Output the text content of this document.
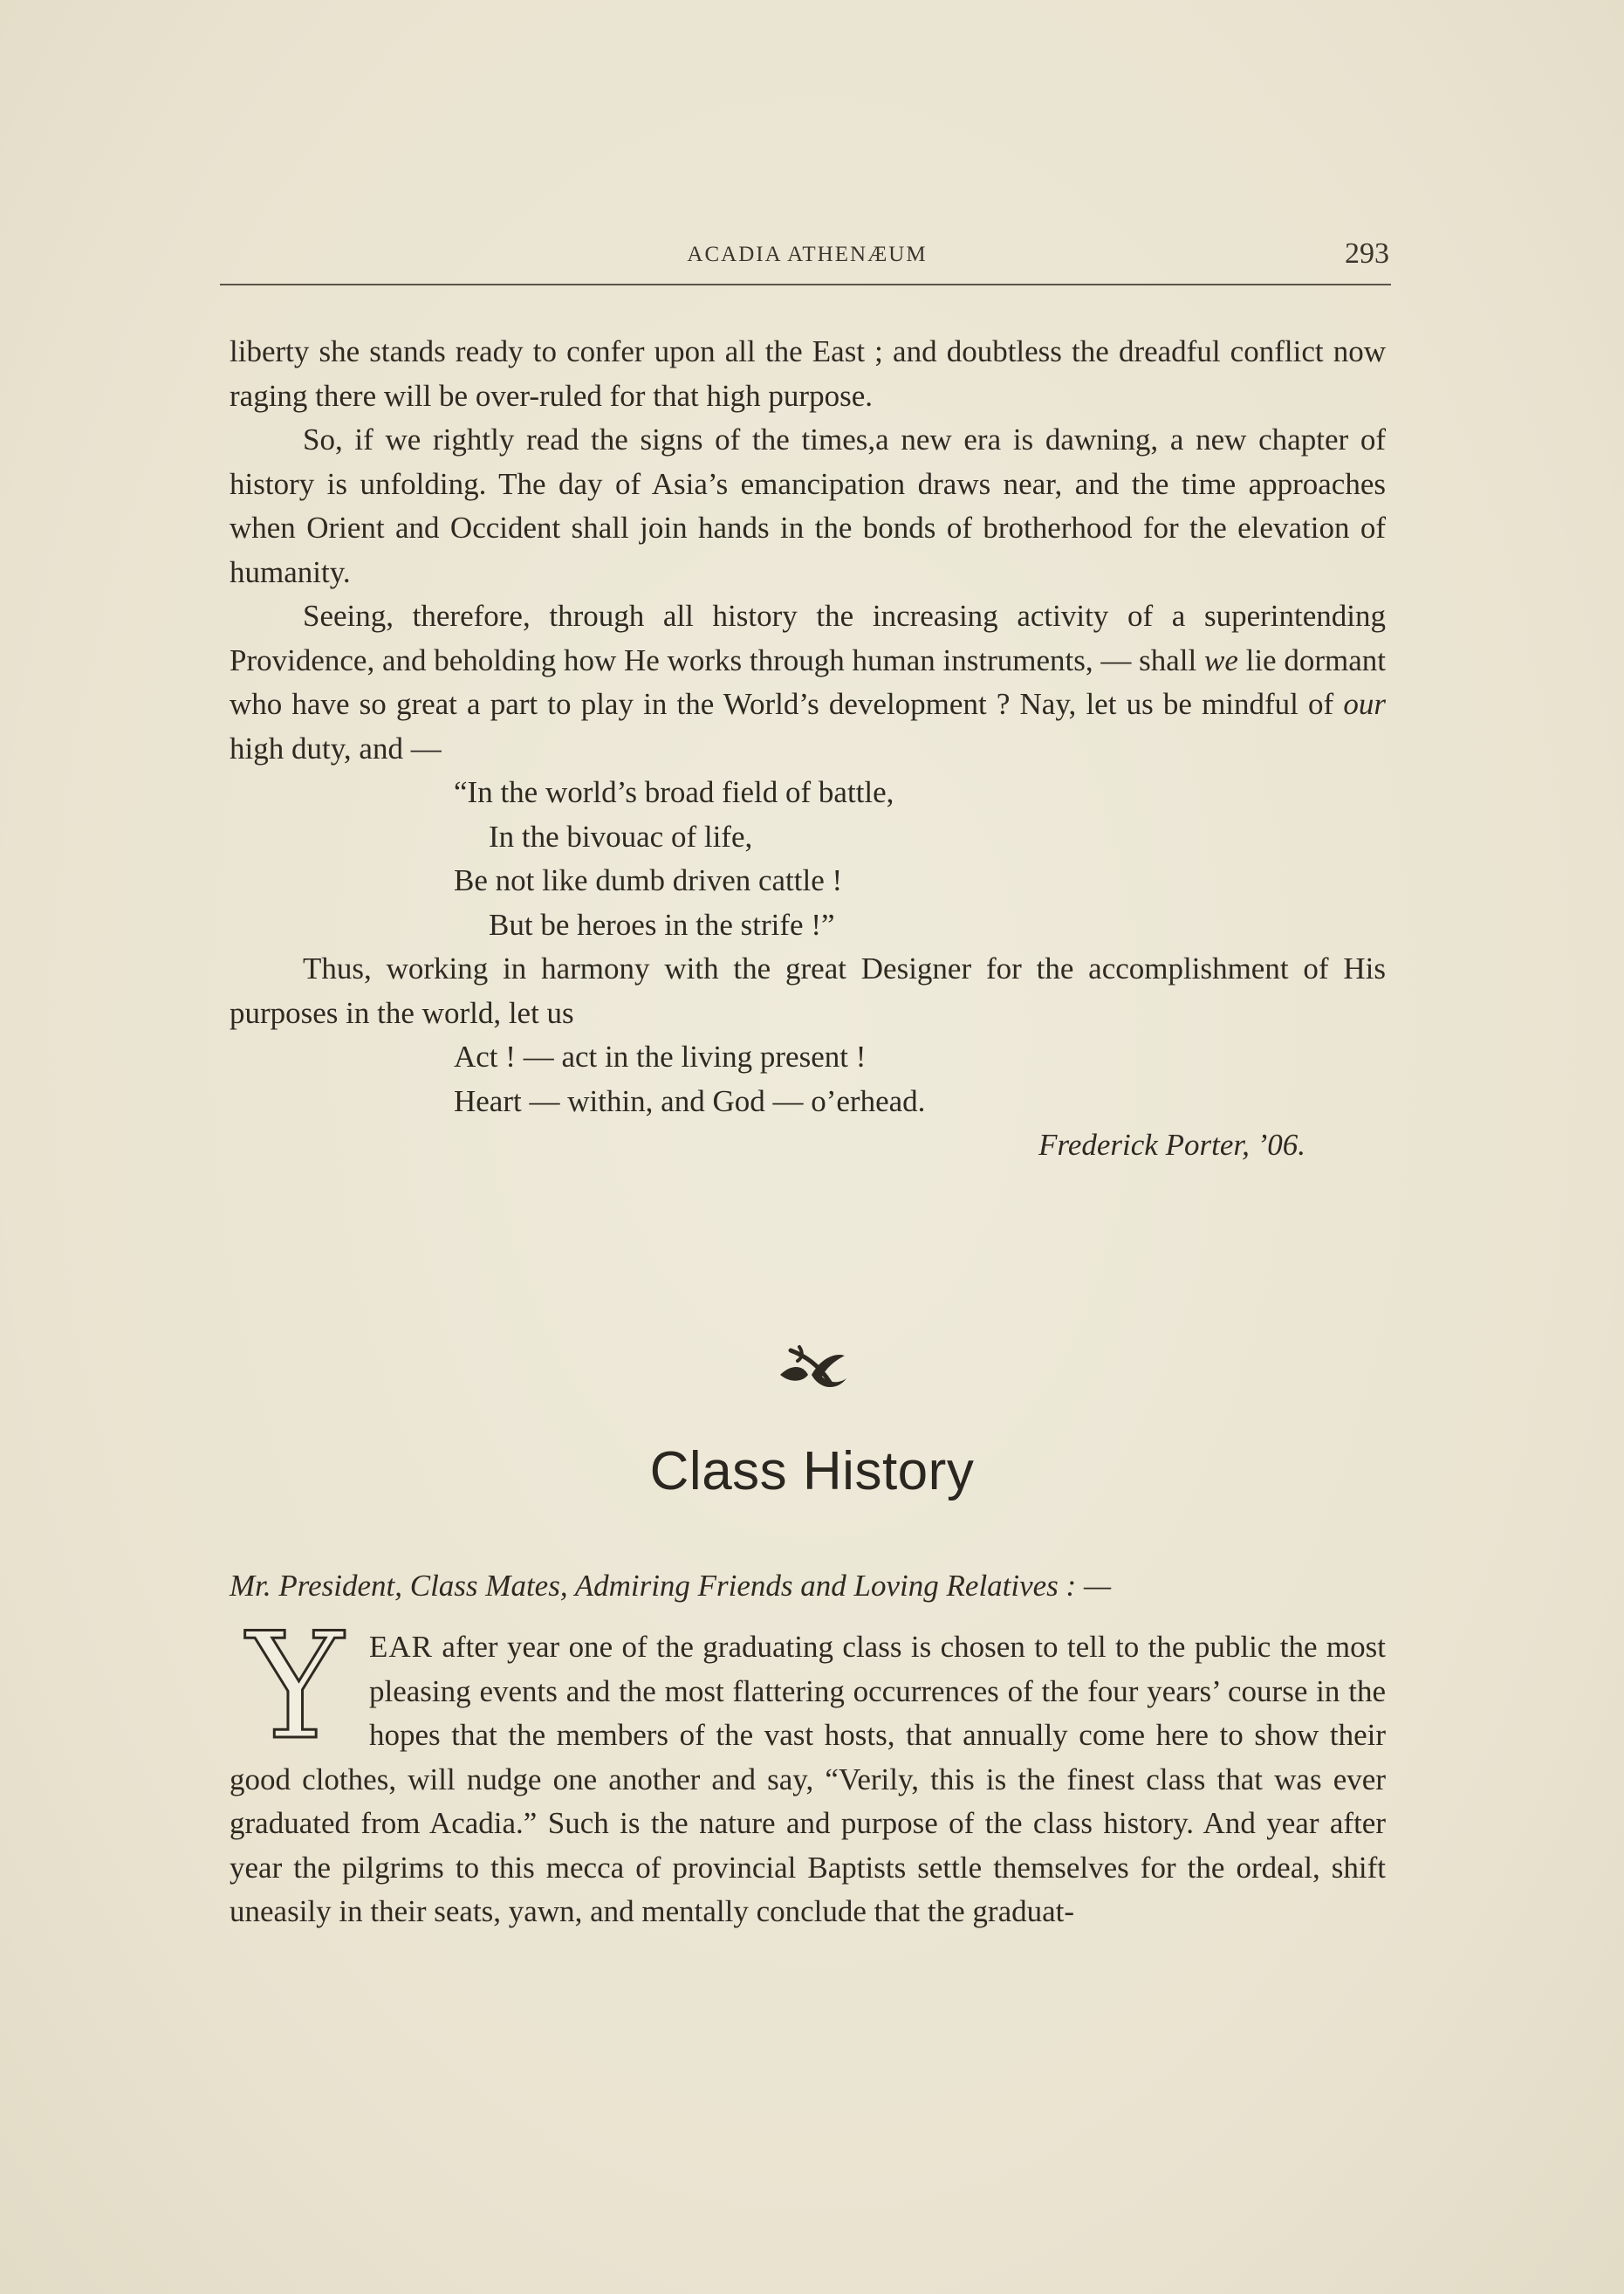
ACADIA ATHENÆUM	293

liberty she stands ready to confer upon all the East ; and doubtless the dreadful conflict now raging there will be over-ruled for that high purpose.

So, if we rightly read the signs of the times,a new era is dawning, a new chapter of history is unfolding. The day of Asia’s emancipation draws near, and the time approaches when Orient and Occident shall join hands in the bonds of brotherhood for the elevation of humanity.

Seeing, therefore, through all history the increasing activity of a superintending Providence, and beholding how He works through human instruments, — shall we lie dormant who have so great a part to play in the World’s development ? Nay, let us be mindful of our high duty, and —

“In the world’s broad field of battle,
In the bivouac of life,
Be not like dumb driven cattle !
But be heroes in the strife !”

Thus, working in harmony with the great Designer for the accomplishment of His purposes in the world, let us

Act ! — act in the living present !
Heart — within, and God — o’erhead.

Frederick Porter, ’06.

Class History
Mr. President, Class Mates, Admiring Friends and Loving Relatives : —
YEAR after year one of the graduating class is chosen to tell to the public the most pleasing events and the most flattering occurrences of the four years’ course in the hopes that the members of the vast hosts, that annually come here to show their good clothes, will nudge one another and say, “Verily, this is the finest class that was ever graduated from Acadia.” Such is the nature and purpose of the class history. And year after year the pilgrims to this mecca of provincial Baptists settle themselves for the ordeal, shift uneasily in their seats, yawn, and mentally conclude that the graduat-
